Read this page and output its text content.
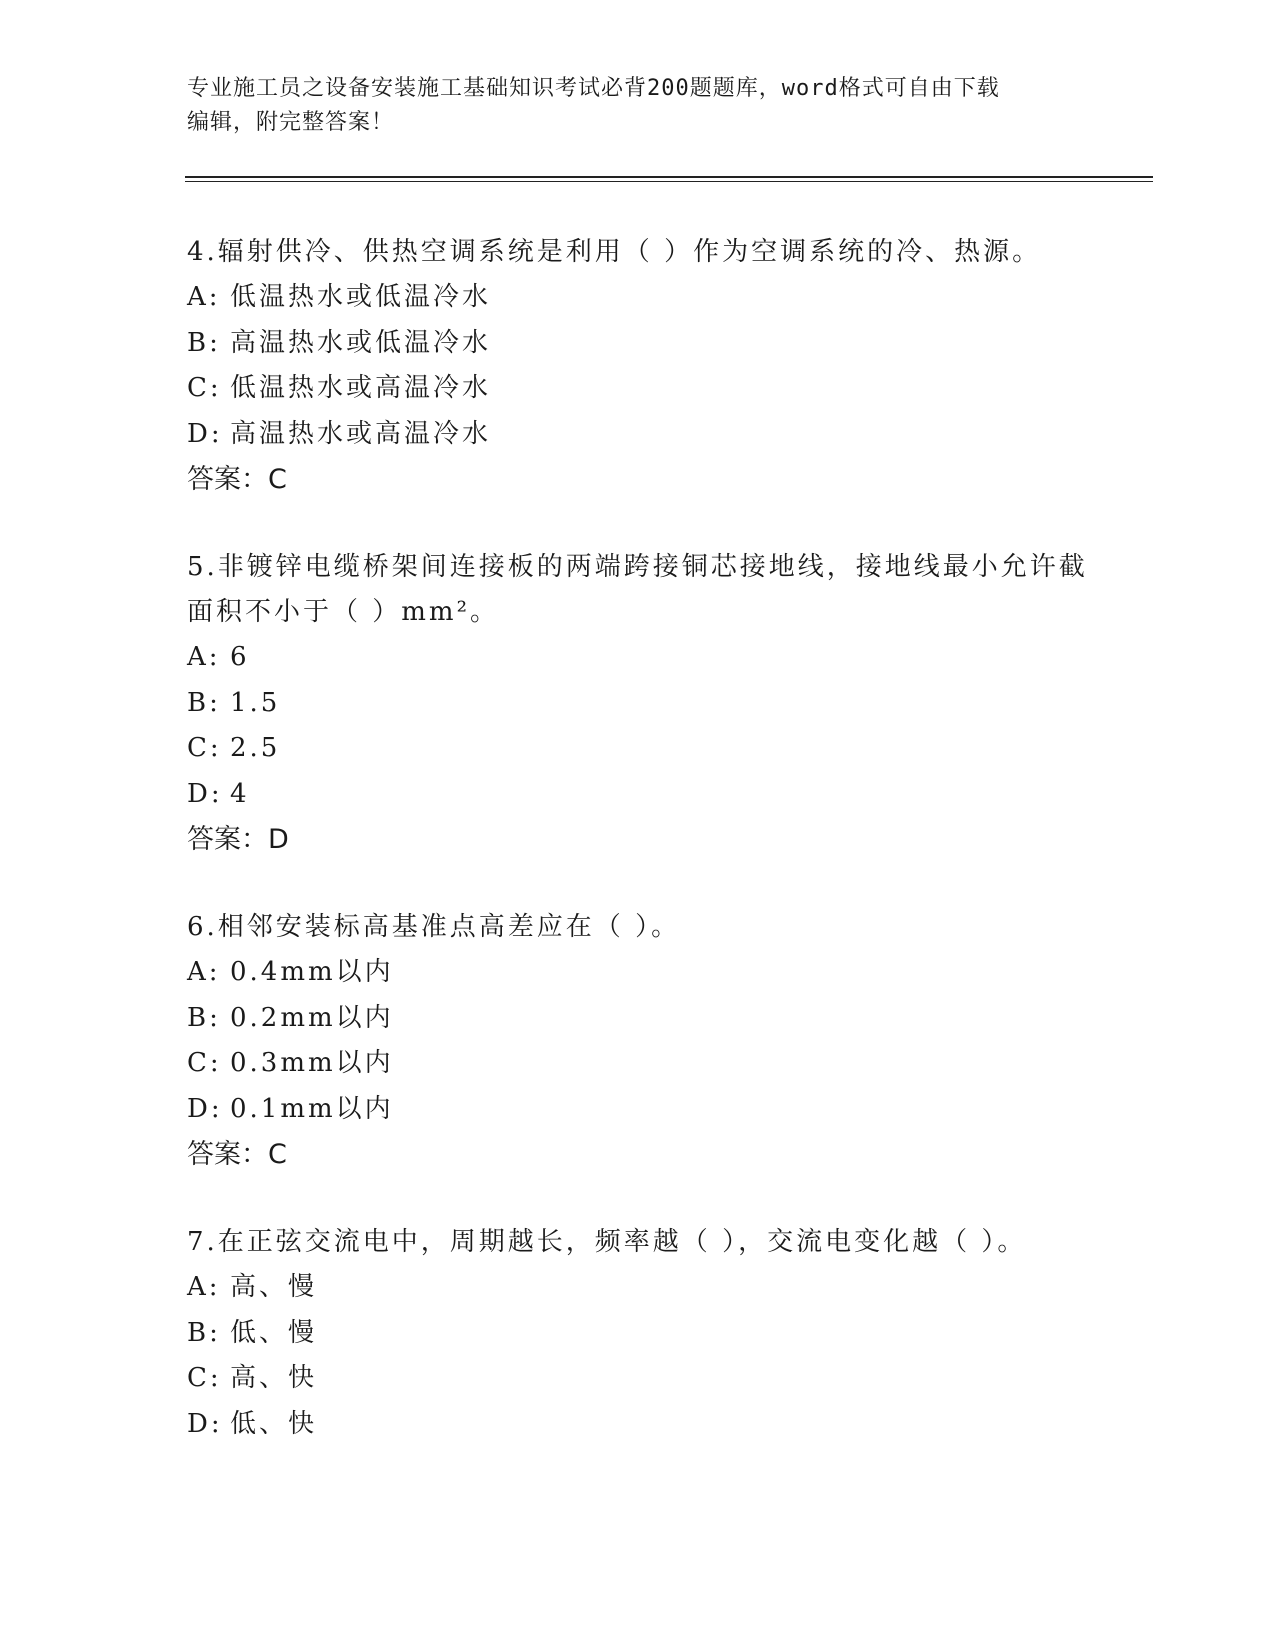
专业施工员之设备安装施工基础知识考试必背200题题库，word格式可自由下载
编辑，附完整答案！

4.辐射供冷、供热空调系统是利用（ ）作为空调系统的冷、热源。

A: 低温热水或低温冷水

B: 高温热水或低温冷水

C: 低温热水或高温冷水

D: 高温热水或高温冷水

答案：C

5.非镀锌电缆桥架间连接板的两端跨接铜芯接地线，接地线最小允许截面积不小于（ ）mm²。

A: 6

B: 1.5

C: 2.5

D: 4

答案：D

6.相邻安装标高基准点高差应在（ ）。

A: 0.4mm以内

B: 0.2mm以内

C: 0.3mm以内

D: 0.1mm以内

答案：C

7.在正弦交流电中，周期越长，频率越（ ），交流电变化越（ ）。

A: 高、慢

B: 低、慢

C: 高、快

D: 低、快
